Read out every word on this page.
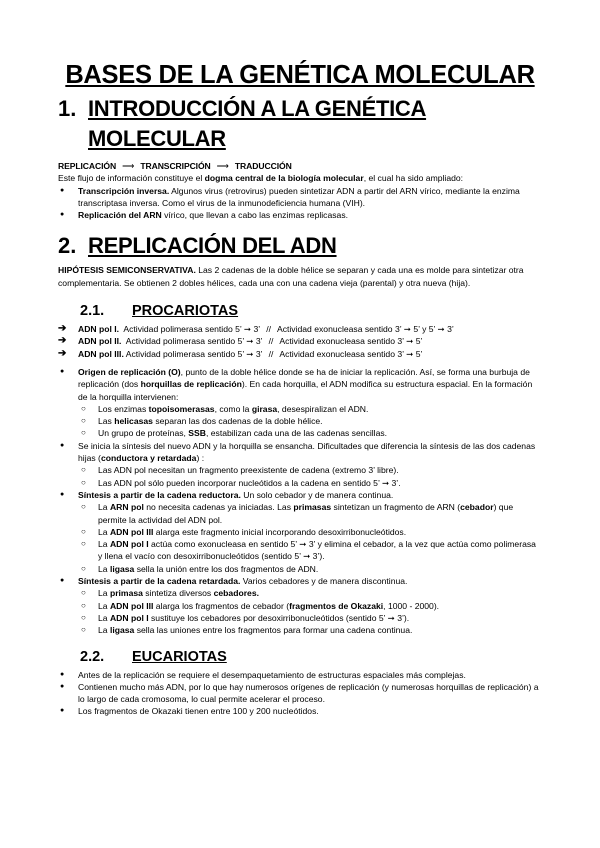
BASES DE LA GENÉTICA MOLECULAR
1. INTRODUCCIÓN A LA GENÉTICA MOLECULAR
REPLICACIÓN ⟶ TRANSCRIPCIÓN ⟶ TRADUCCIÓN
Este flujo de información constituye el dogma central de la biología molecular, el cual ha sido ampliado:
● Transcripción inversa. Algunos virus (retrovirus) pueden sintetizar ADN a partir del ARN vírico, mediante la enzima transcriptasa inversa. Como el virus de la inmunodeficiencia humana (VIH).
● Replicación del ARN vírico, que llevan a cabo las enzimas replicasas.
2. REPLICACIÓN DEL ADN
HIPÓTESIS SEMICONSERVATIVA. Las 2 cadenas de la doble hélice se separan y cada una es molde para sintetizar otra complementaria. Se obtienen 2 dobles hélices, cada una con una cadena vieja (parental) y otra nueva (hija).
2.1.	PROCARIOTAS
➔ ADN pol I. Actividad polimerasa sentido 5’ ➞ 3’ // Actividad exonucleasa sentido 3’ ➞ 5’ y 5’ ➞ 3’
➔ ADN pol II. Actividad polimerasa sentido 5’ ➞ 3’ // Actividad exonucleasa sentido 3’ ➞ 5’
➔ ADN pol III. Actividad polimerasa sentido 5’ ➞ 3’ // Actividad exonucleasa sentido 3’ ➞ 5’
● Origen de replicación (O), punto de la doble hélice donde se ha de iniciar la replicación. Así, se forma una burbuja de replicación (dos horquillas de replicación). En cada horquilla, el ADN modifica su estructura espacial. En la formación de la horquilla intervienen:
○ Los enzimas topoisomerasas, como la girasa, desespiralizan el ADN.
○ Las helicasas separan las dos cadenas de la doble hélice.
○ Un grupo de proteínas, SSB, estabilizan cada una de las cadenas sencillas.
● Se inicia la síntesis del nuevo ADN y la horquilla se ensancha. Dificultades que diferencia la síntesis de las dos cadenas hijas (conductora y retardada) :
○ Las ADN pol necesitan un fragmento preexistente de cadena (extremo 3’ libre).
○ Las ADN pol sólo pueden incorporar nucleótidos a la cadena en sentido 5’ ➞ 3’.
● Síntesis a partir de la cadena reductora. Un solo cebador y de manera continua.
○ La ARN pol no necesita cadenas ya iniciadas. Las primasas sintetizan un fragmento de ARN (cebador) que permite la actividad del ADN pol.
○ La ADN pol III alarga este fragmento inicial incorporando desoxirribonucleótidos.
○ La ADN pol I actúa como exonucleasa en sentido 5’ ➞ 3’ y elimina el cebador, a la vez que actúa como polimerasa y llena el vacío con desoxirribonucleótidos (sentido 5’ ➞ 3’).
○ La ligasa sella la unión entre los dos fragmentos de ADN.
● Síntesis a partir de la cadena retardada. Varios cebadores y de manera discontinua.
○ La primasa sintetiza diversos cebadores.
○ La ADN pol III alarga los fragmentos de cebador (fragmentos de Okazaki, 1000 - 2000).
○ La ADN pol I sustituye los cebadores por desoxirribonucleótidos (sentido 5’ ➞ 3’).
○ La ligasa sella las uniones entre los fragmentos para formar una cadena continua.
2.2.	EUCARIOTAS
● Antes de la replicación se requiere el desempaquetamiento de estructuras espaciales más complejas.
● Contienen mucho más ADN, por lo que hay numerosos orígenes de replicación (y numerosas horquillas de replicación) a lo largo de cada cromosoma, lo cual permite acelerar el proceso.
● Los fragmentos de Okazaki tienen entre 100 y 200 nucleótidos.
